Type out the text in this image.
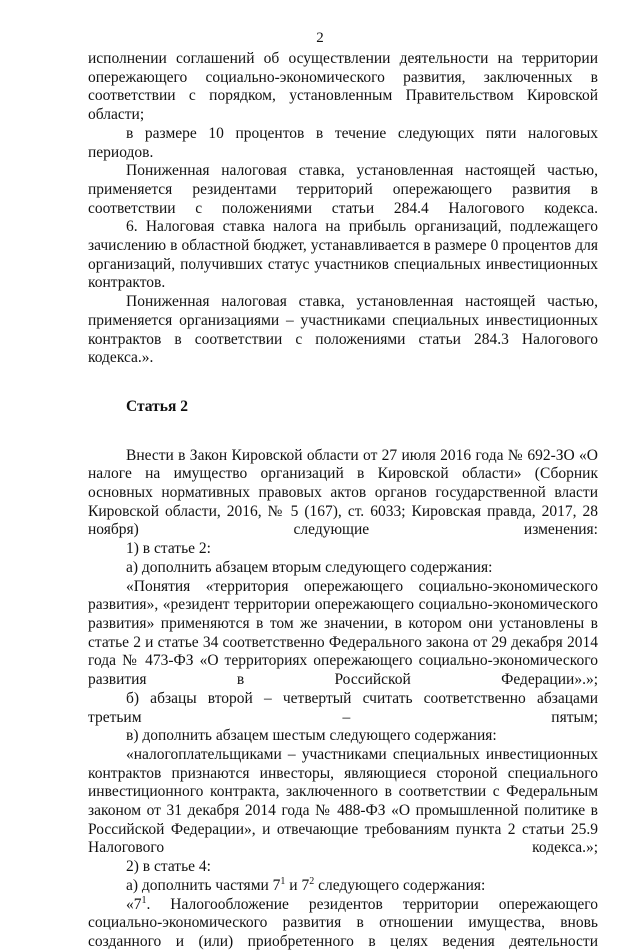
2

исполнении соглашений об осуществлении деятельности на территории опережающего социально-экономического развития, заключенных в соответствии с порядком, установленным Правительством Кировской области;

в размере 10 процентов в течение следующих пяти налоговых периодов.

Пониженная налоговая ставка, установленная настоящей частью, применяется резидентами территорий опережающего развития в соответствии с положениями статьи 284.4 Налогового кодекса.

6. Налоговая ставка налога на прибыль организаций, подлежащего зачислению в областной бюджет, устанавливается в размере 0 процентов для организаций, получивших статус участников специальных инвестиционных контрактов.

Пониженная налоговая ставка, установленная настоящей частью, применяется организациями – участниками специальных инвестиционных контрактов в соответствии с положениями статьи 284.3 Налогового кодекса.».

Статья 2

Внести в Закон Кировской области от 27 июля 2016 года № 692-ЗО «О налоге на имущество организаций в Кировской области» (Сборник основных нормативных правовых актов органов государственной власти Кировской области, 2016, № 5 (167), ст. 6033; Кировская правда, 2017, 28 ноября) следующие изменения:

1) в статье 2:

а) дополнить абзацем вторым следующего содержания:

«Понятия «территория опережающего социально-экономического развития», «резидент территории опережающего социально-экономического развития» применяются в том же значении, в котором они установлены в статье 2 и статье 34 соответственно Федерального закона от 29 декабря 2014 года № 473-ФЗ «О территориях опережающего социально-экономического развития в Российской Федерации».»;

б) абзацы второй – четвертый считать соответственно абзацами третьим – пятым;

в) дополнить абзацем шестым следующего содержания:

«налогоплательщиками – участниками специальных инвестиционных контрактов признаются инвесторы, являющиеся стороной специального инвестиционного контракта, заключенного в соответствии с Федеральным законом от 31 декабря 2014 года № 488-ФЗ «О промышленной политике в Российской Федерации», и отвечающие требованиям пункта 2 статьи 25.9 Налогового кодекса.»;

2) в статье 4:

а) дополнить частями $7^1$ и $7^2$ следующего содержания:

«$7^1$. Налогообложение резидентов территории опережающего социально-экономического развития в отношении имущества, вновь созданного и (или) приобретенного в целях ведения деятельности
